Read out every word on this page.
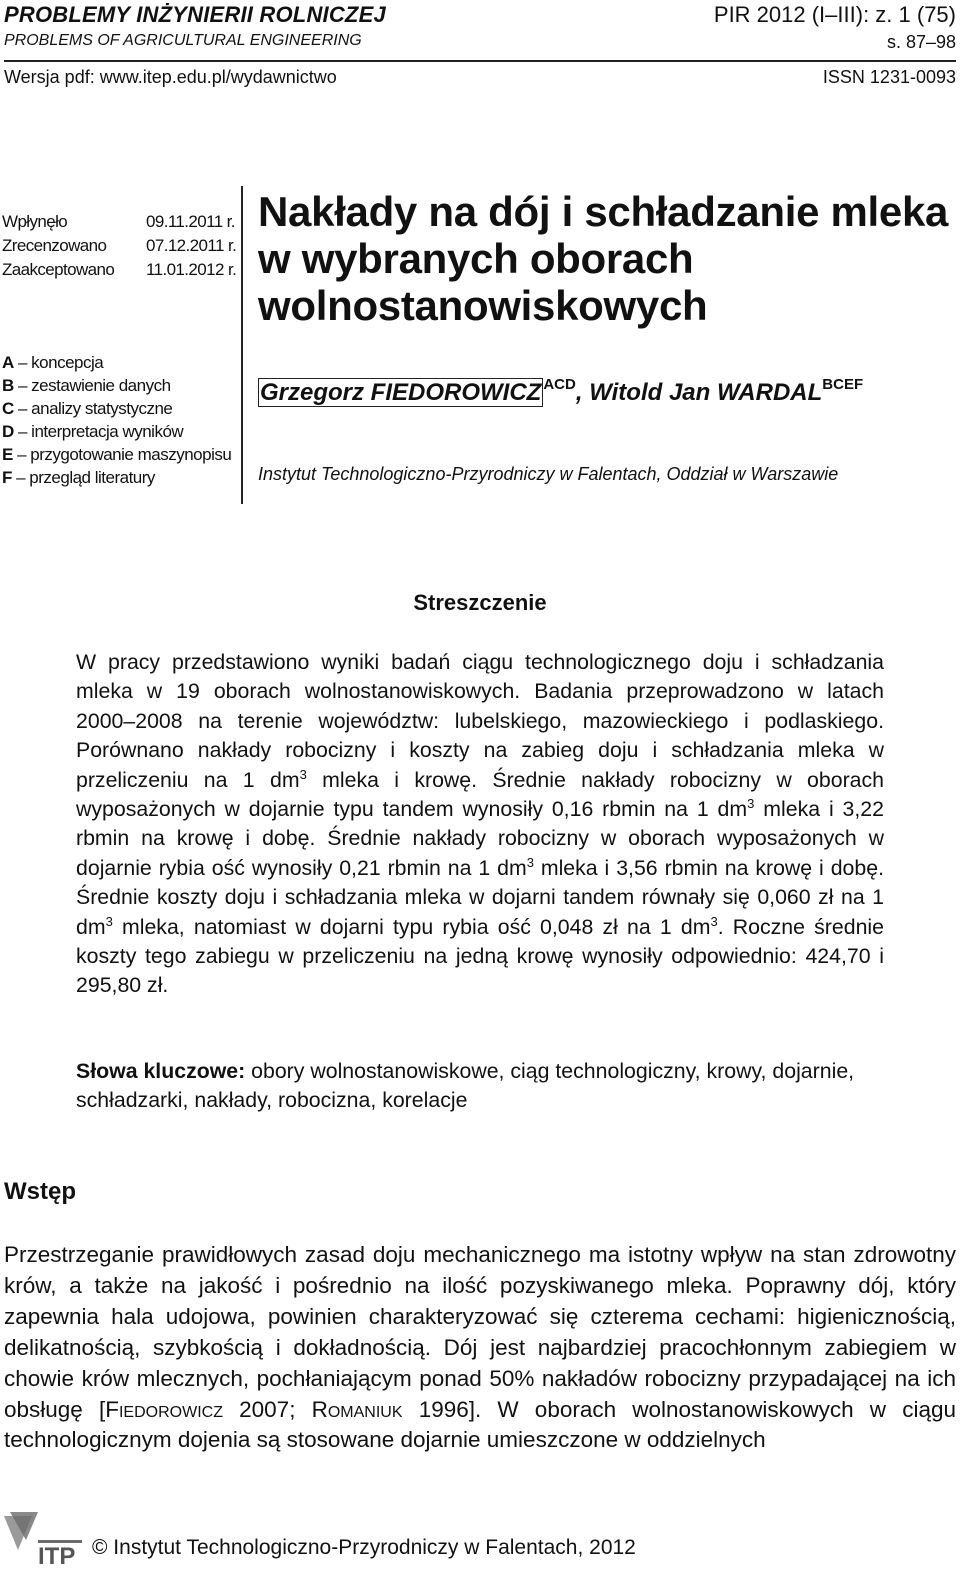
PROBLEMY INŻYNIERII ROLNICZEJ
PROBLEMS OF AGRICULTURAL ENGINEERING
PIR 2012 (I–III): z. 1 (75)
s. 87–98
Wersja pdf: www.itep.edu.pl/wydawnictwo	ISSN 1231-0093
Wpłynęło	09.11.2011 r.
Zrecenzowano 07.12.2011 r.
Zaakceptowano 11.01.2012 r.
A – koncepcja
B – zestawienie danych
C – analizy statystyczne
D – interpretacja wyników
E – przygotowanie maszynopisu
F – przegląd literatury
Nakłady na dój i schładzanie mleka
w wybranych oborach
wolnostanowiskowych
Grzegorz FIEDOROWICZ $^{ACD}$, Witold Jan $WARDAL^{BCEF}$
Instytut Technologiczno-Przyrodniczy w Falentach, Oddział w Warszawie
Streszczenie
W pracy przedstawiono wyniki badań ciągu technologicznego doju i schładzania mleka w 19 oborach wolnostanowiskowych. Badania przeprowadzono w latach 2000–2008 na terenie województw: lubelskiego, mazowieckiego i podlaskiego. Porównano nakłady robocizny i koszty na zabieg doju i schładzania mleka w przeliczeniu na 1 $dm^3$ mleka i krowę. Średnie nakłady robocizny w oborach wyposażonych w dojarnie typu tandem wynosiły 0,16 rbmin na 1 $dm^3$ mleka i 3,22 rbmin na krowę i dobę. Średnie nakłady robocizny w oborach wyposażonych w dojarnie rybia ość wynosiły 0,21 rbmin na 1 $dm^3$ mleka i 3,56 rbmin na krowę i dobę. Średnie koszty doju i schładzania mleka w dojarni tandem równały się 0,060 zł na 1 $dm^3$ mleka, natomiast w dojarni typu rybia ość 0,048 zł na 1 $dm^3$. Roczne średnie koszty tego zabiegu w przeliczeniu na jedną krowę wynosiły odpowiednio: 424,70 i 295,80 zł.
Słowa kluczowe: obory wolnostanowiskowe, ciąg technologiczny, krowy, dojarnie, schładzarki, nakłady, robocizna, korelacje
Wstęp
Przestrzeganie prawidłowych zasad doju mechanicznego ma istotny wpływ na stan zdrowotny krów, a także na jakość i pośrednio na ilość pozyskiwanego mleka. Poprawny dój, który zapewnia hala udojowa, powinien charakteryzować się czterema cechami: higienicznością, delikatnością, szybkością i dokładnością. Dój jest najbardziej pracochłonnym zabiegiem w chowie krów mlecznych, pochłaniającym ponad 50% nakładów robocizny przypadającej na ich obsługę [Fiedorowicz 2007; Romaniuk 1996]. W oborach wolnostanowiskowych w ciągu technologicznym dojenia są stosowane dojarnie umieszczone w oddzielnych
ITP © Instytut Technologiczno-Przyrodniczy w Falentach, 2012
